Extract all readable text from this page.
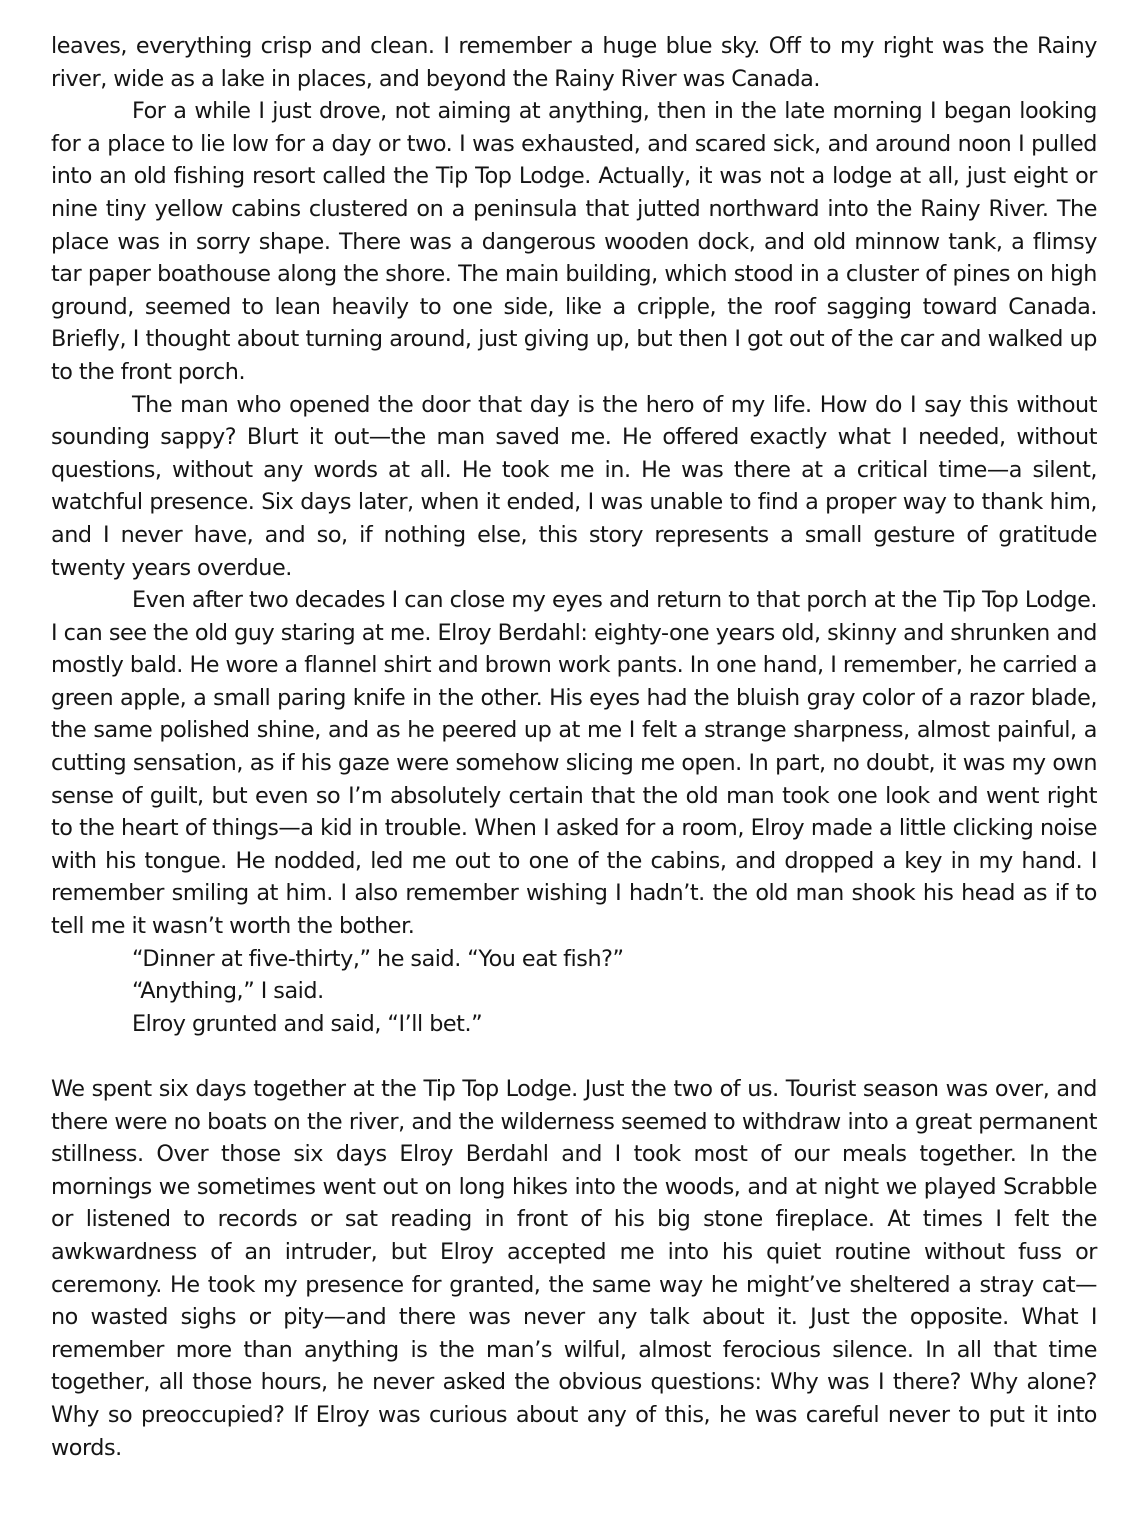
leaves, everything crisp and clean. I remember a huge blue sky. Off to my right was the Rainy river, wide as a lake in places, and beyond the Rainy River was Canada.

For a while I just drove, not aiming at anything, then in the late morning I began looking for a place to lie low for a day or two. I was exhausted, and scared sick, and around noon I pulled into an old fishing resort called the Tip Top Lodge. Actually, it was not a lodge at all, just eight or nine tiny yellow cabins clustered on a peninsula that jutted northward into the Rainy River. The place was in sorry shape. There was a dangerous wooden dock, and old minnow tank, a flimsy tar paper boathouse along the shore. The main building, which stood in a cluster of pines on high ground, seemed to lean heavily to one side, like a cripple, the roof sagging toward Canada. Briefly, I thought about turning around, just giving up, but then I got out of the car and walked up to the front porch.

The man who opened the door that day is the hero of my life. How do I say this without sounding sappy? Blurt it out—the man saved me. He offered exactly what I needed, without questions, without any words at all. He took me in. He was there at a critical time—a silent, watchful presence. Six days later, when it ended, I was unable to find a proper way to thank him, and I never have, and so, if nothing else, this story represents a small gesture of gratitude twenty years overdue.

Even after two decades I can close my eyes and return to that porch at the Tip Top Lodge. I can see the old guy staring at me. Elroy Berdahl: eighty-one years old, skinny and shrunken and mostly bald. He wore a flannel shirt and brown work pants. In one hand, I remember, he carried a green apple, a small paring knife in the other. His eyes had the bluish gray color of a razor blade, the same polished shine, and as he peered up at me I felt a strange sharpness, almost painful, a cutting sensation, as if his gaze were somehow slicing me open. In part, no doubt, it was my own sense of guilt, but even so I’m absolutely certain that the old man took one look and went right to the heart of things—a kid in trouble. When I asked for a room, Elroy made a little clicking noise with his tongue. He nodded, led me out to one of the cabins, and dropped a key in my hand. I remember smiling at him. I also remember wishing I hadn’t. the old man shook his head as if to tell me it wasn’t worth the bother.

“Dinner at five-thirty,” he said. “You eat fish?”

“Anything,” I said.

Elroy grunted and said, “I’ll bet.”

We spent six days together at the Tip Top Lodge. Just the two of us. Tourist season was over, and there were no boats on the river, and the wilderness seemed to withdraw into a great permanent stillness. Over those six days Elroy Berdahl and I took most of our meals together. In the mornings we sometimes went out on long hikes into the woods, and at night we played Scrabble or listened to records or sat reading in front of his big stone fireplace. At times I felt the awkwardness of an intruder, but Elroy accepted me into his quiet routine without fuss or ceremony. He took my presence for granted, the same way he might’ve sheltered a stray cat—no wasted sighs or pity—and there was never any talk about it. Just the opposite. What I remember more than anything is the man’s wilful, almost ferocious silence. In all that time together, all those hours, he never asked the obvious questions: Why was I there? Why alone? Why so preoccupied? If Elroy was curious about any of this, he was careful never to put it into words.
